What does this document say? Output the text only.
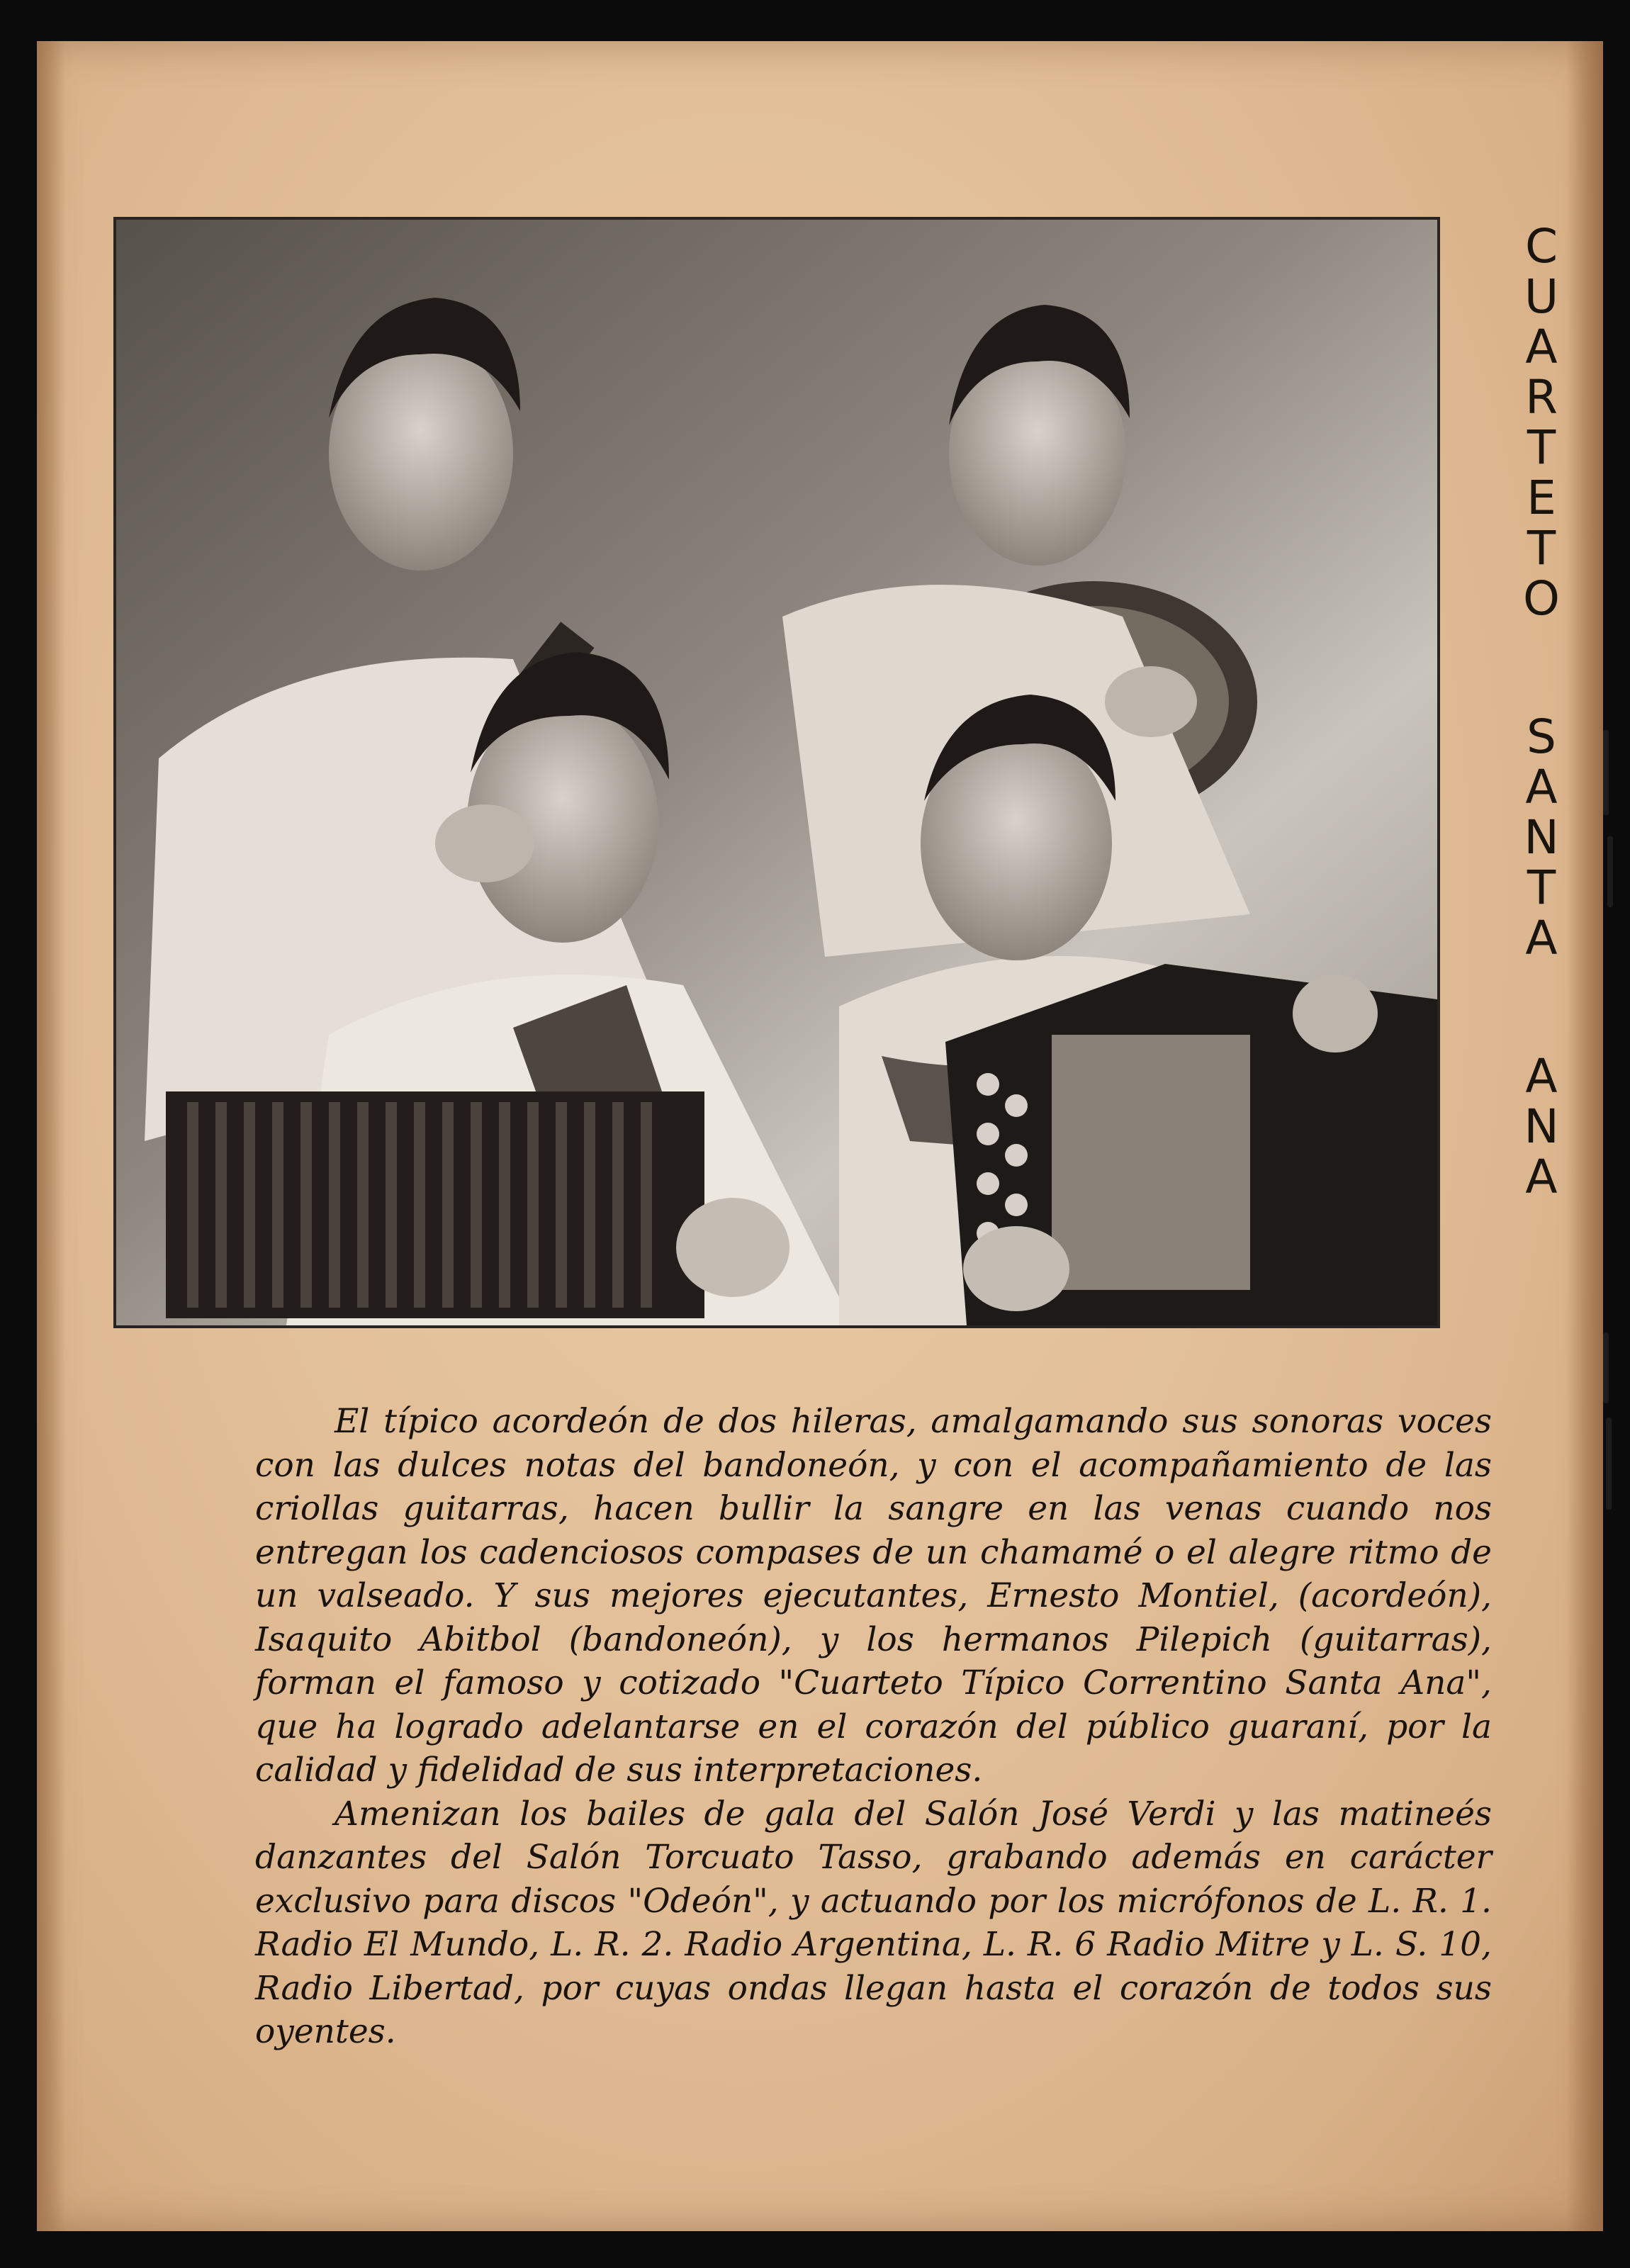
C
U
A
R
T
E
T
O
S
A
N
T
A
A
N
A

El típico acordeón de dos hileras, amalgamando sus sonoras voces con las dulces notas del bandoneón, y con el acompañamiento de las criollas guitarras, hacen bullir la sangre en las venas cuando nos entregan los cadenciosos compases de un chamamé o el alegre ritmo de un valseado. Y sus mejores ejecutantes, Ernesto Montiel, (acordeón), Isaquito Abitbol (bandoneón), y los hermanos Pilepich (guitarras), forman el famoso y cotizado "Cuarteto Típico Correntino Santa Ana", que ha logrado adelantarse en el corazón del público guaraní, por la calidad y fidelidad de sus interpretaciones.

Amenizan los bailes de gala del Salón José Verdi y las matineés danzantes del Salón Torcuato Tasso, grabando además en carácter exclusivo para discos "Odeón", y actuando por los micrófonos de L. R. 1. Radio El Mundo, L. R. 2. Radio Argentina, L. R. 6 Radio Mitre y L. S. 10, Radio Libertad, por cuyas ondas llegan hasta el corazón de todos sus oyentes.
